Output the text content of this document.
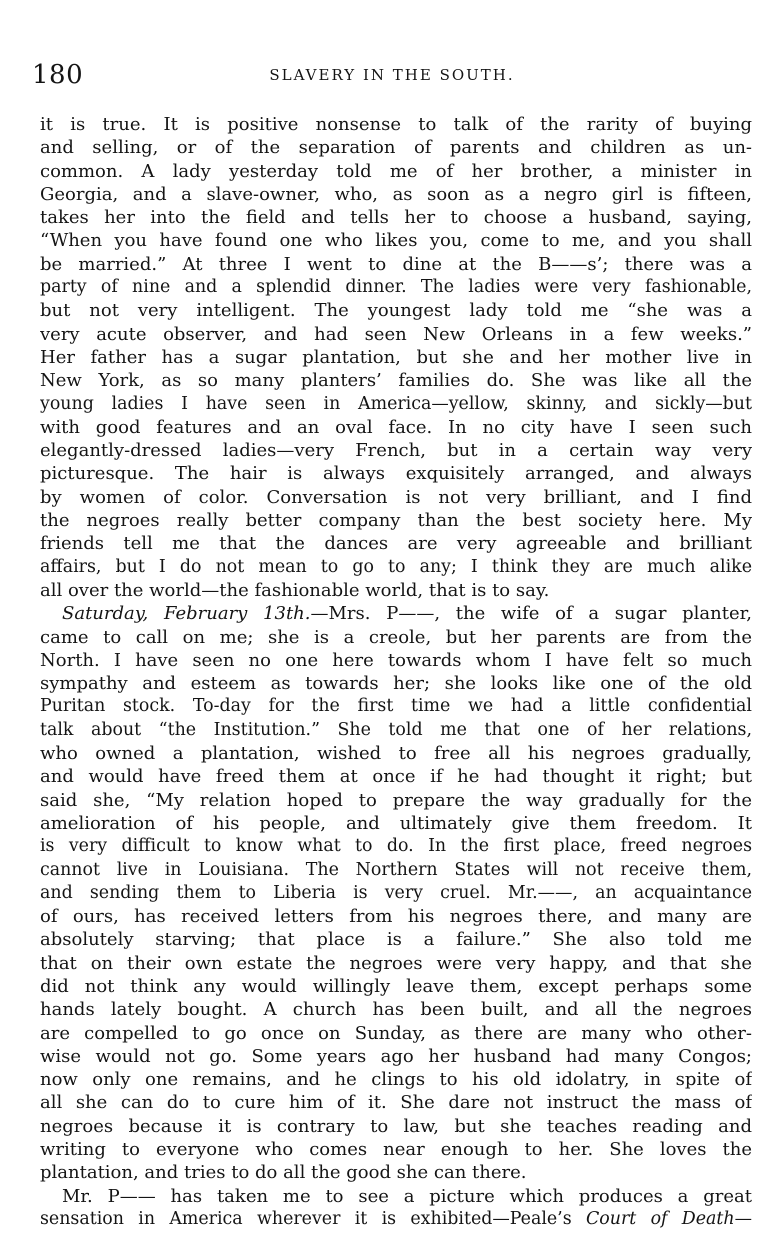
180	SLAVERY IN THE SOUTH.
it is true. It is positive nonsense to talk of the rarity of buying
and selling, or of the separation of parents and children as un-
common. A lady yesterday told me of her brother, a minister in
Georgia, and a slave-owner, who, as soon as a negro girl is fifteen,
takes her into the field and tells her to choose a husband, saying,
“When you have found one who likes you, come to me, and you shall
be married.” At three I went to dine at the B——s’; there was a
party of nine and a splendid dinner. The ladies were very fashionable,
but not very intelligent. The youngest lady told me “she was a
very acute observer, and had seen New Orleans in a few weeks.”
Her father has a sugar plantation, but she and her mother live in
New York, as so many planters’ families do. She was like all the
young ladies I have seen in America—yellow, skinny, and sickly—but
with good features and an oval face. In no city have I seen such
elegantly-dressed ladies—very French, but in a certain way very
picturesque. The hair is always exquisitely arranged, and always
by women of color. Conversation is not very brilliant, and I find
the negroes really better company than the best society here. My
friends tell me that the dances are very agreeable and brilliant
affairs, but I do not mean to go to any; I think they are much alike
all over the world—the fashionable world, that is to say.
Saturday, February 13th.—Mrs. P——, the wife of a sugar planter,
came to call on me; she is a creole, but her parents are from the
North. I have seen no one here towards whom I have felt so much
sympathy and esteem as towards her; she looks like one of the old
Puritan stock. To-day for the first time we had a little confidential
talk about “the Institution.” She told me that one of her relations,
who owned a plantation, wished to free all his negroes gradually,
and would have freed them at once if he had thought it right; but
said she, “My relation hoped to prepare the way gradually for the
amelioration of his people, and ultimately give them freedom. It
is very difficult to know what to do. In the first place, freed negroes
cannot live in Louisiana. The Northern States will not receive them,
and sending them to Liberia is very cruel. Mr.——, an acquaintance
of ours, has received letters from his negroes there, and many are
absolutely starving; that place is a failure.” She also told me
that on their own estate the negroes were very happy, and that she
did not think any would willingly leave them, except perhaps some
hands lately bought. A church has been built, and all the negroes
are compelled to go once on Sunday, as there are many who other-
wise would not go. Some years ago her husband had many Congos;
now only one remains, and he clings to his old idolatry, in spite of
all she can do to cure him of it. She dare not instruct the mass of
negroes because it is contrary to law, but she teaches reading and
writing to everyone who comes near enough to her. She loves the
plantation, and tries to do all the good she can there.
Mr. P—— has taken me to see a picture which produces a great
sensation in America wherever it is exhibited—Peale’s Court of Death—
